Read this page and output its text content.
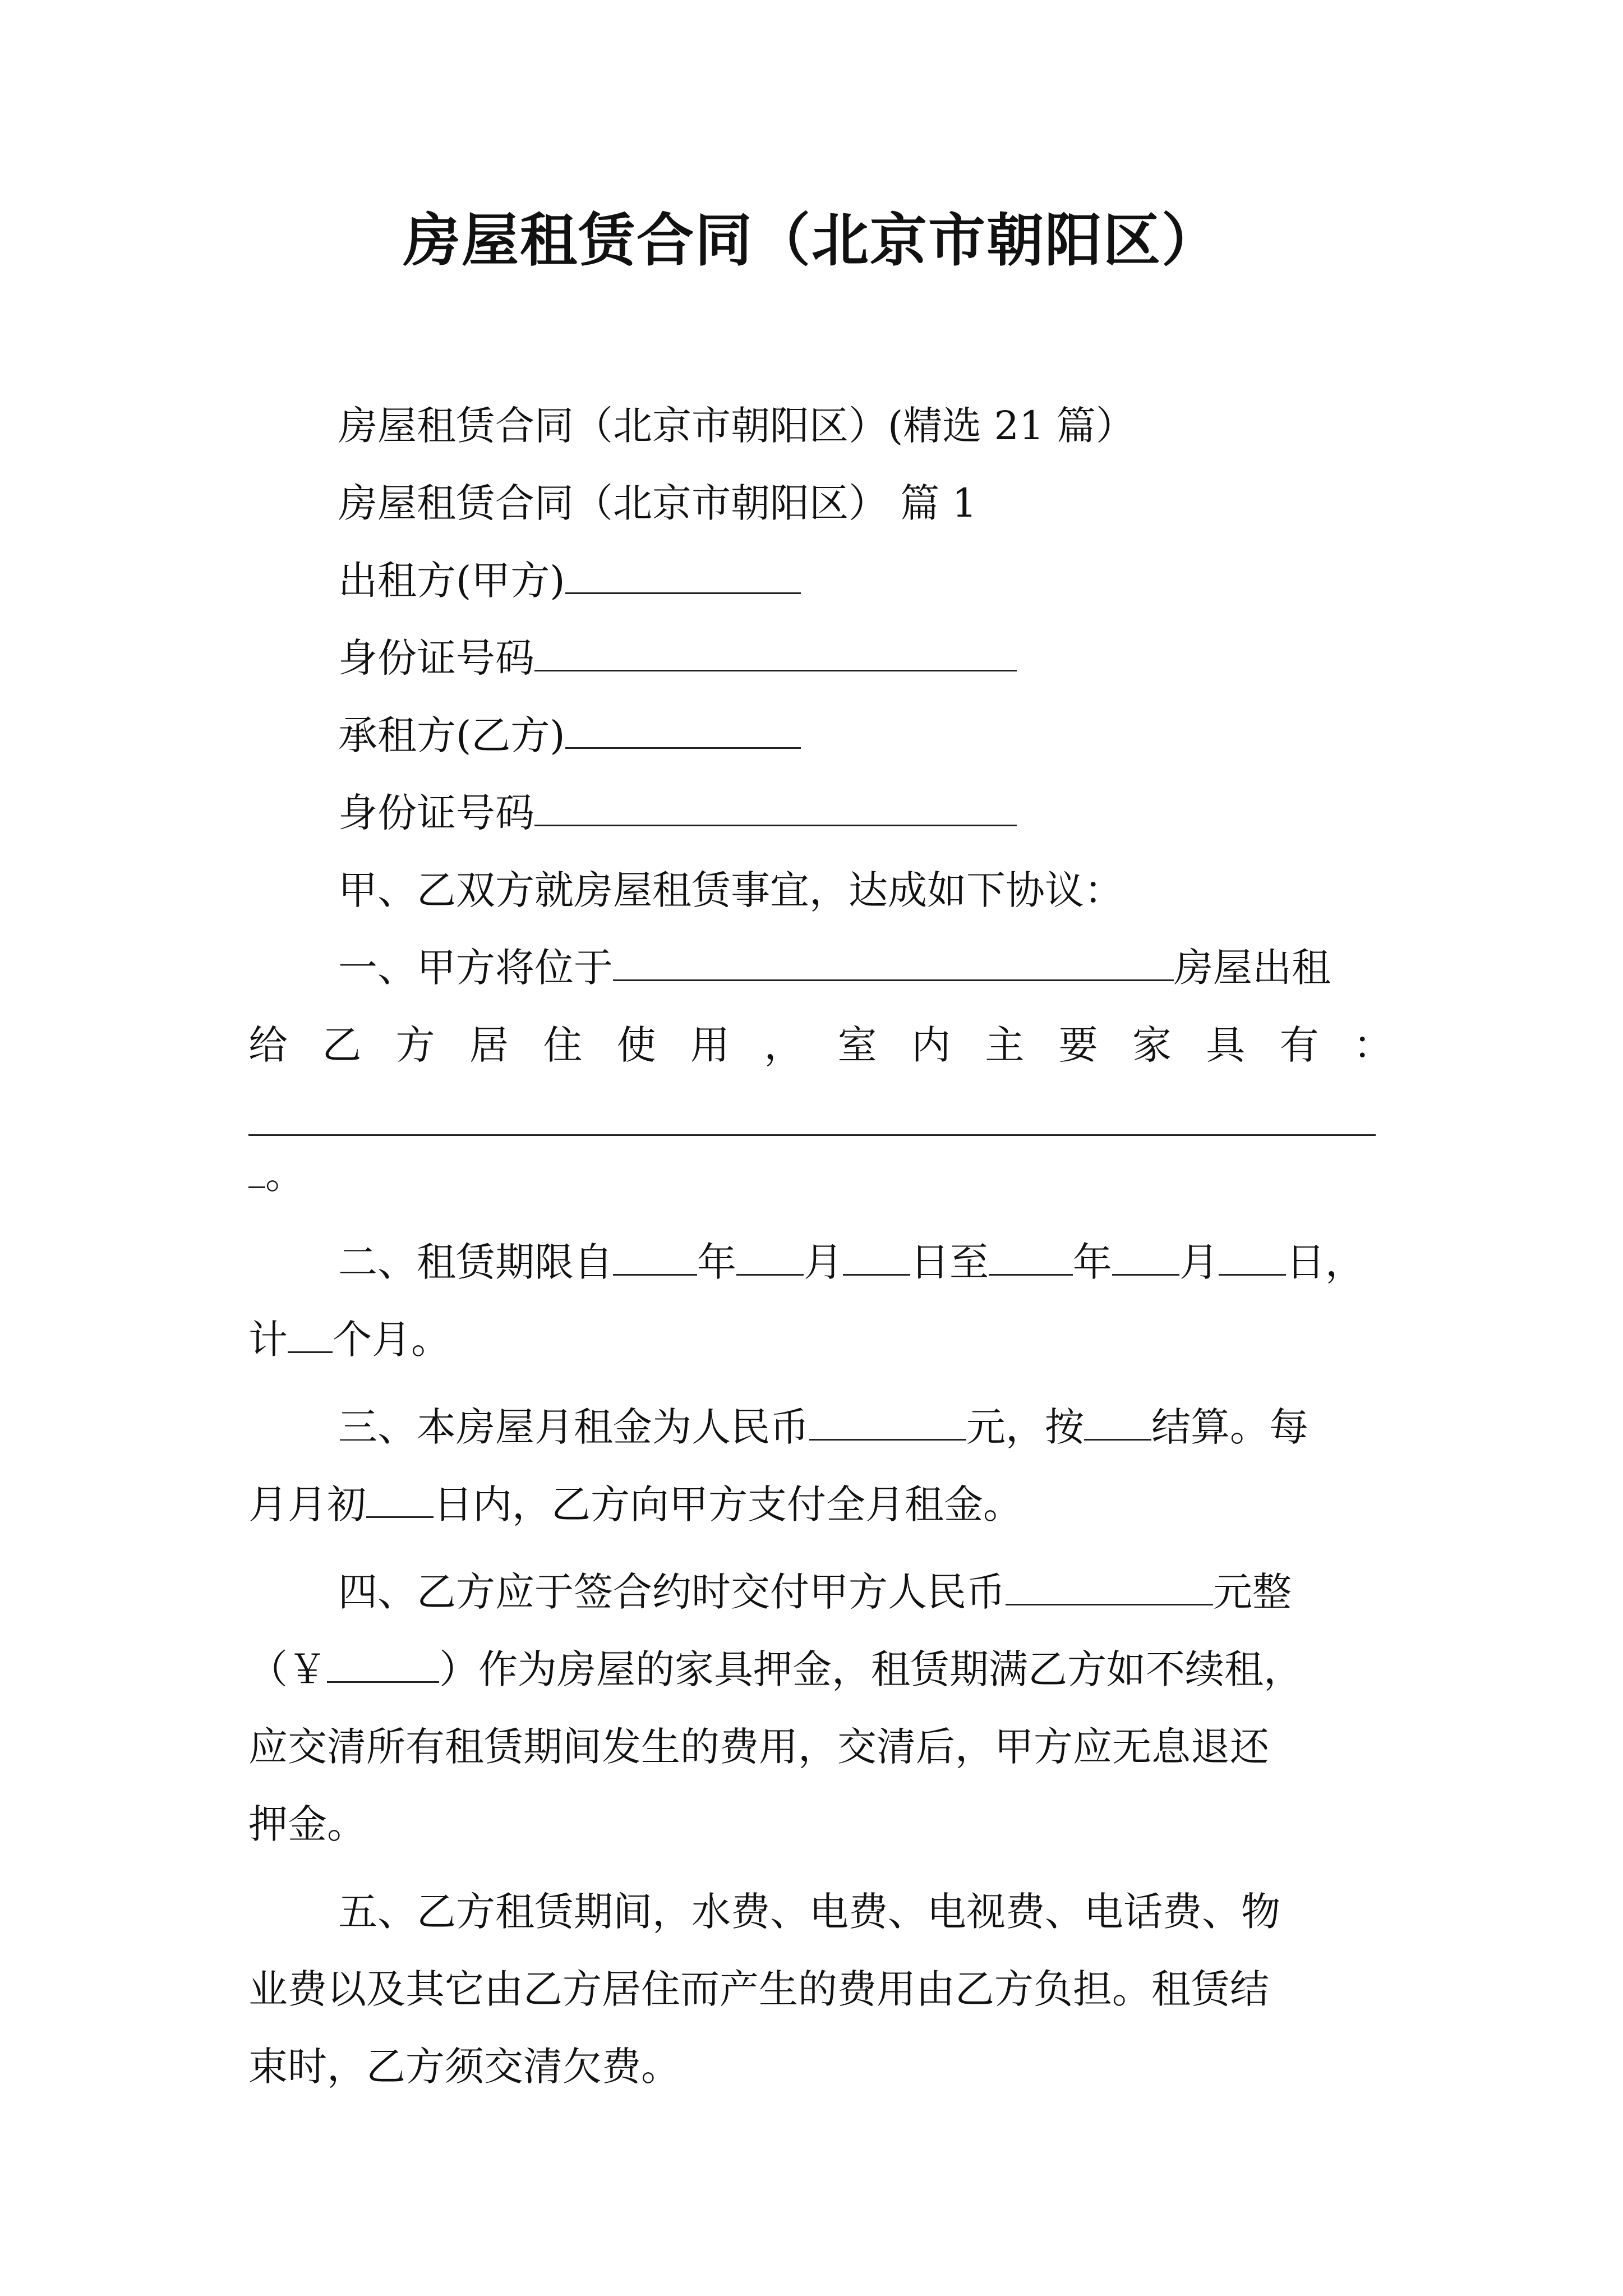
房屋租赁合同（北京市朝阳区）

房屋租赁合同（北京市朝阳区）(精选 21 篇）

房屋租赁合同（北京市朝阳区） 篇 1

出租方(甲方)

身份证号码

承租方(乙方)

身份证号码

甲、乙双方就房屋租赁事宜，达成如下协议：

一、甲方将位于	房屋出租

给乙方居住使用，室内主要家具有：

。

二、租赁期限自 年 月 日至 年 月 日，

计 个月。

三、本房屋月租金为人民币	元，按 结算。每

月月初 日内，乙方向甲方支付全月租金。

四、乙方应于签合约时交付甲方人民币	元整

（￥	）作为房屋的家具押金，租赁期满乙方如不续租，

应交清所有租赁期间发生的费用，交清后，甲方应无息退还

押金。

五、乙方租赁期间，水费、电费、电视费、电话费、物

业费以及其它由乙方居住而产生的费用由乙方负担。租赁结

束时，乙方须交清欠费。
